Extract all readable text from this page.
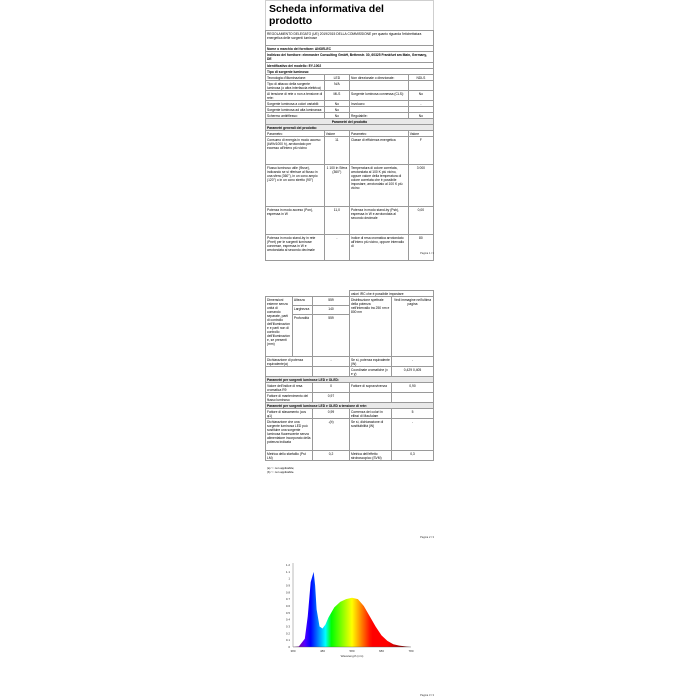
Scheda informativa del prodotto
REGOLAMENTO DELEGATO (UE) 2019/2015 DELLA COMMISSIONE per quanto riguarda l'etichettatura energetica delle sorgenti luminose			
Nome o marchio del fornitore: ANOELEC			
Indirizzo del fornitore: elmmaster Consulting GmbH, Bettenstr. 30, 60325 Frankfurt am Main, Germany, DE			
Identificativo del modello: EY-1002			
Tipo di sorgente luminosa:			
Tecnologia d'illuminazione:	LED	Non direzionale o direzionale:	NDLS
Tipo di attacco della sorgente luminosa (o altra interfaccia elettrica)	N/A		
Al tensione di rete o non a tensione di rete:	MLS	Sorgente luminosa connessa (CLS):	No
Sorgente luminosa a colori variabili:	No	Involucro:	-
Sorgente luminosa ad alta luminanza:	No		
Schermo antiriflesso:	No	Regolabile:	No
Parametri del prodotto			
Parametri generali del prodotto:			
Parametro	Valore	Parametro	Valore
Consumo di energia in modo acceso (kWh/1000 h), arrotondato per eccesso all'intero più vicino	11	Classe di efficienza energetica	F
Flusso luminoso utile (Φuse), indicando se si riferisce al flusso in una sfera (360°), in un cono ampio (120°) o in un cono stretto (90°)	1 100 in Sfera (360°)	Temperatura di colore correlata, arrotondata al 100 K più vicino, oppure valore della temperatura di colore correlata che è possibile impostare, arrotondato al 100 K più vicino	3 000
Potenza in modo acceso (Pon), espressa in W	11,0	Potenza in modo stand-by (Psb), espressa in W e arrotondata al secondo decimale	0,00
Potenza in modo stand-by in rete (Pnet) per le sorgenti luminose connesse, espressa in W e arrotondata al secondo decimale	-	Indice di resa cromatica arrotondato all'intero più vicino, oppure intervallo di	80
Pagina 1 / 3
			valori IRC che è possibile impostare	
Dimensioni esterne senza unità di comando separate, parti di controllo dell'illuminazione e parti non di controllo dell'illuminazione, se presenti (mm)	Altezza	559	Distribuzione spettrale della potenza nell'intervallo tra 250 nm e 800 nm	Vedi immagine nell'ultima pagina
	Larghezza	140		
	Profondità	559		
Dichiarazione di potenza equivalente(a)		-	Se sì, potenza equivalente (W)	-
			Coordinate cromatiche (x e y)	0,429 0,405
Parametri per sorgenti luminose LED e OLED:				
Valore dell'indice di resa cromatica R9		0	Fattore di sopravvivenza	0,90
Fattore di mantenimento del flusso luminoso		0,97		
Parametri per sorgenti luminose LED e OLED a tensione di rete:				
Fattore di sfasamento (cos φ1)		0,99	Coerenza dei colori in ellissi di MacAdam	5
Dichiarazione che una sorgente luminosa LED può sostituire una sorgente luminosa fluorescente senza alimentatore incorporato della potenza indicata		-(b)	Se sì, dichiarazione di sostituibilità (W)	-
Metrica dello sfarfallio (Pst LM)		0,2	Metrica dell'effetto stroboscopico (SVM)	0,3
(a) '-': non applicabile;
(b) '-': non applicabile.
Pagina 2 / 3
0
0.1
0.2
0.3
0.4
0.5
0.6
0.7
0.8
0.9
1
1.1
1.2
380	480	580	680	780
Wavelength (nm)
Pagina 3 / 3
